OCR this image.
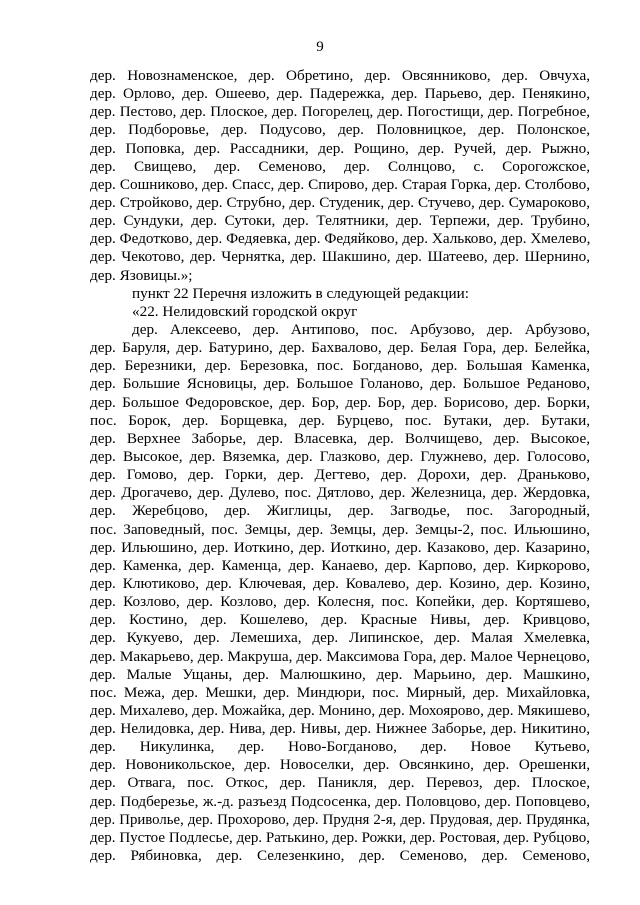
9
дер. Новознаменское, дер. Обретино, дер. Овсянниково, дер. Овчуха,
дер. Орлово, дер. Ошеево, дер. Падережка, дер. Парьево, дер. Пенякино,
дер. Пестово, дер. Плоское, дер. Погорелец, дер. Погостищи, дер. Погребное,
дер. Подборовье, дер. Подусово, дер. Половницкое, дер. Полонское,
дер. Поповка, дер. Рассадники, дер. Рощино, дер. Ручей, дер. Рыжно,
дер. Свищево, дер. Семеново, дер. Солнцово, с. Сорогожское,
дер. Сошниково, дер. Спасс, дер. Спирово, дер. Старая Горка, дер. Столбово,
дер. Стройково, дер. Струбно, дер. Студеник, дер. Стучево, дер. Сумароково,
дер. Сундуки, дер. Сутоки, дер. Телятники, дер. Терпежи, дер. Трубино,
дер. Федотково, дер. Федяевка, дер. Федяйково, дер. Хальково, дер. Хмелево,
дер. Чекотово, дер. Чернятка, дер. Шакшино, дер. Шатеево, дер. Шернино,
дер. Язовицы.»;
пункт 22 Перечня изложить в следующей редакции:
«22. Нелидовский городской округ
дер. Алексеево, дер. Антипово, пос. Арбузово, дер. Арбузово,
дер. Баруля, дер. Батурино, дер. Бахвалово, дер. Белая Гора, дер. Белейка,
дер. Березники, дер. Березовка, пос. Богданово, дер. Большая Каменка,
дер. Большие Ясновицы, дер. Большое Голаново, дер. Большое Реданово,
дер. Большое Федоровское, дер. Бор, дер. Бор, дер. Борисово, дер. Борки,
пос. Борок, дер. Борщевка, дер. Бурцево, пос. Бутаки, дер. Бутаки,
дер. Верхнее Заборье, дер. Власевка, дер. Волчищево, дер. Высокое,
дер. Высокое, дер. Вяземка, дер. Глазково, дер. Глужнево, дер. Голосово,
дер. Гомово, дер. Горки, дер. Дегтево, дер. Дорохи, дер. Драньково,
дер. Дрогачево, дер. Дулево, пос. Дятлово, дер. Железница, дер. Жердовка,
дер. Жеребцово, дер. Жиглицы, дер. Загводье, пос. Загородный,
пос. Заповедный, пос. Земцы, дер. Земцы, дер. Земцы-2, пос. Ильюшино,
дер. Ильюшино, дер. Иоткино, дер. Иоткино, дер. Казаково, дер. Казарино,
дер. Каменка, дер. Каменца, дер. Канаево, дер. Карпово, дер. Киркорово,
дер. Клютиково, дер. Ключевая, дер. Ковалево, дер. Козино, дер. Козино,
дер. Козлово, дер. Козлово, дер. Колесня, пос. Копейки, дер. Кортяшево,
дер. Костино, дер. Кошелево, дер. Красные Нивы, дер. Кривцово,
дер. Кукуево, дер. Лемешиха, дер. Липинское, дер. Малая Хмелевка,
дер. Макарьево, дер. Макруша, дер. Максимова Гора, дер. Малое Чернецово,
дер. Малые Ущаны, дер. Малюшкино, дер. Марьино, дер. Машкино,
пос. Межа, дер. Мешки, дер. Миндюри, пос. Мирный, дер. Михайловка,
дер. Михалево, дер. Можайка, дер. Монино, дер. Мохоярово, дер. Мякишево,
дер. Нелидовка, дер. Нива, дер. Нивы, дер. Нижнее Заборье, дер. Никитино,
дер. Никулинка, дер. Ново-Богданово, дер. Новое Кутьево,
дер. Новоникольское, дер. Новоселки, дер. Овсянкино, дер. Орешенки,
дер. Отвага, пос. Откос, дер. Паникля, дер. Перевоз, дер. Плоское,
дер. Подберезье, ж.-д. разъезд Подсосенка, дер. Половцово, дер. Поповцево,
дер. Приволье, дер. Прохорово, дер. Прудня 2-я, дер. Прудовая, дер. Прудянка,
дер. Пустое Подлесье, дер. Ратькино, дер. Рожки, дер. Ростовая, дер. Рубцово,
дер. Рябиновка, дер. Селезенкино, дер. Семеново, дер. Семеново,
